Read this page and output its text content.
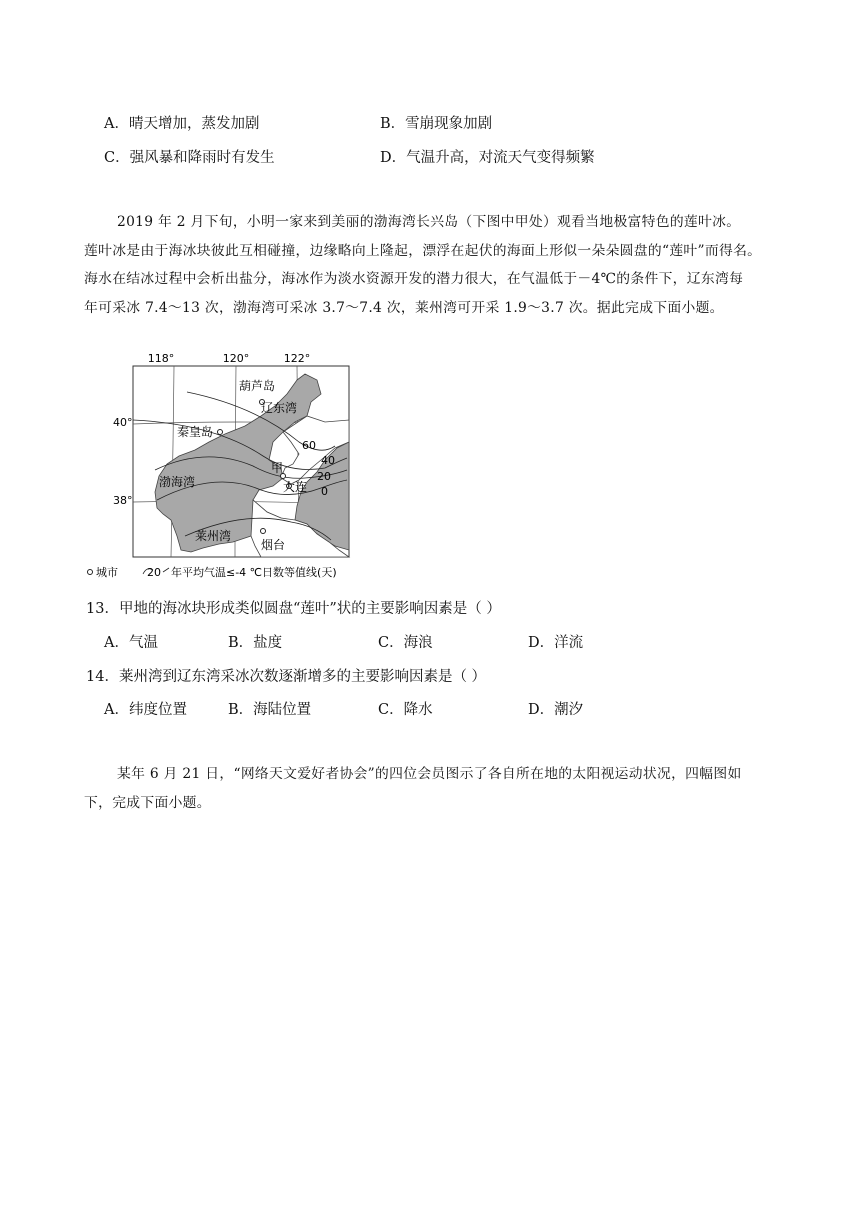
A．晴天增加，蒸发加剧	B．雪崩现象加剧
C．强风暴和降雨时有发生	D．气温升高，对流天气变得频繁

2019 年 2 月下旬，小明一家来到美丽的渤海湾长兴岛（下图中甲处）观看当地极富特色的莲叶冰。

莲叶冰是由于海冰块彼此互相碰撞，边缘略向上隆起，漂浮在起伏的海面上形似一朵朵圆盘的“莲叶”而得名。

海水在结冰过程中会析出盐分，海冰作为淡水资源开发的潜力很大，在气温低于－4℃的条件下，辽东湾每

年可采冰 7.4～13 次，渤海湾可采冰 3.7～7.4 次，莱州湾可开采 1.9～3.7 次。据此完成下面小题。

118°	120°	122°
40°
38°
60
40
20
0
葫芦岛
辽东湾
秦皇岛
渤海湾
甲
大连
莱州湾
烟台
城市	20 年平均气温≤-4 ℃日数等值线(天)
13．甲地的海冰块形成类似圆盘“莲叶”状的主要影响因素是（ ）
A．气温	B．盐度	C．海浪	D．洋流
14．莱州湾到辽东湾采冰次数逐渐增多的主要影响因素是（ ）
A．纬度位置	B．海陆位置	C．降水	D．潮汐

某年 6 月 21 日，“网络天文爱好者协会”的四位会员图示了各自所在地的太阳视运动状况，四幅图如

下，完成下面小题。
